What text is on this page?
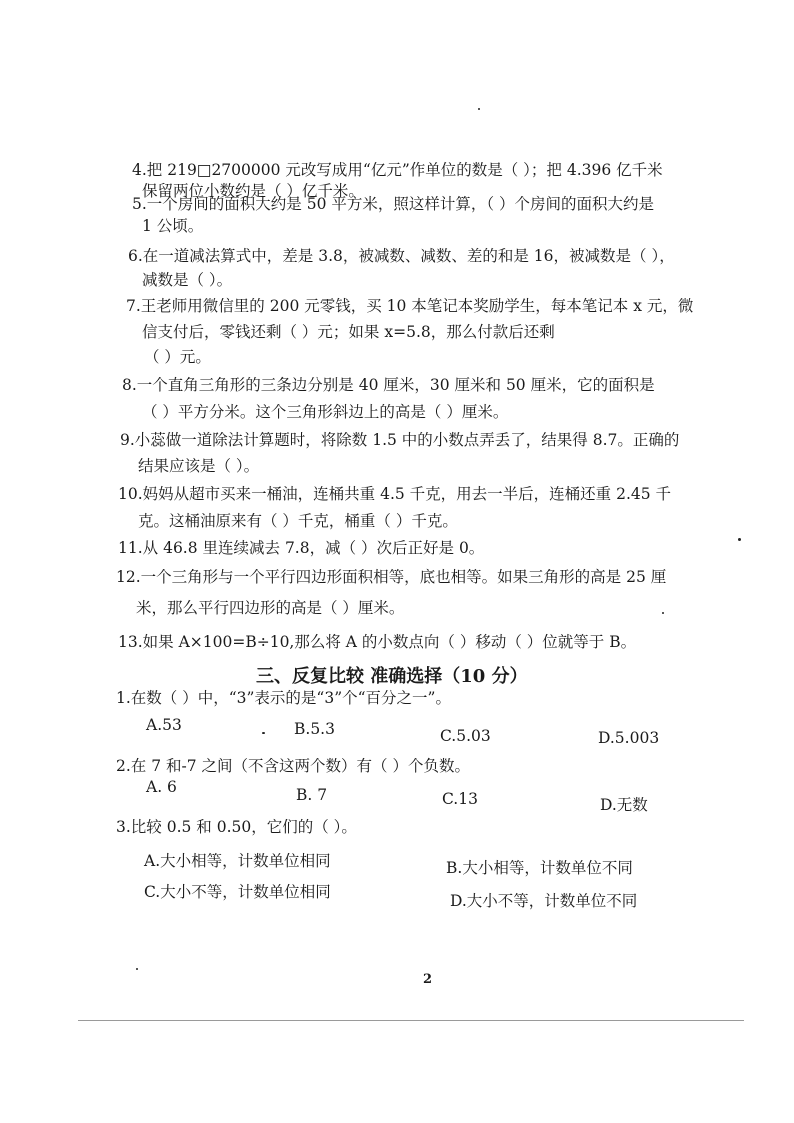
4.把 219□2700000 元改写成用“亿元”作单位的数是（ ）；把 4.396 亿千米
保留两位小数约是（ ）亿千米。
5.一个房间的面积大约是 50 平方米，照这样计算，（ ）个房间的面积大约是
1 公顷。
6.在一道减法算式中，差是 3.8，被减数、减数、差的和是 16，被减数是（ ），
减数是（ ）。
7.王老师用微信里的 200 元零钱，买 10 本笔记本奖励学生，每本笔记本 x 元，微
信支付后，零钱还剩（ ）元；如果 x=5.8，那么付款后还剩
（ ）元。
8.一个直角三角形的三条边分别是 40 厘米，30 厘米和 50 厘米，它的面积是
（ ）平方分米。这个三角形斜边上的高是（ ）厘米。
9.小蕊做一道除法计算题时，将除数 1.5 中的小数点弄丢了，结果得 8.7。正确的
结果应该是（ ）。
10.妈妈从超市买来一桶油，连桶共重 4.5 千克，用去一半后，连桶还重 2.45 千
克。这桶油原来有（ ）千克，桶重（ ）千克。
11.从 46.8 里连续减去 7.8，减（ ）次后正好是 0。
12.一个三角形与一个平行四边形面积相等，底也相等。如果三角形的高是 25 厘
米，那么平行四边形的高是（ ）厘米。
13.如果 A×100=B÷10,那么将 A 的小数点向（ ）移动（ ）位就等于 B。
三、反复比较 准确选择（10 分）
1.在数（ ）中，“3”表示的是“3”个“百分之一”。
A.53	B.5.3	C.5.03	D.5.003
2.在 7 和-7 之间（不含这两个数）有（ ）个负数。
A. 6	B. 7	C.13	D.无数
3.比较 0.5 和 0.50，它们的（ ）。
A.大小相等，计数单位相同	B.大小相等，计数单位不同
C.大小不等，计数单位相同	D.大小不等，计数单位不同
2
